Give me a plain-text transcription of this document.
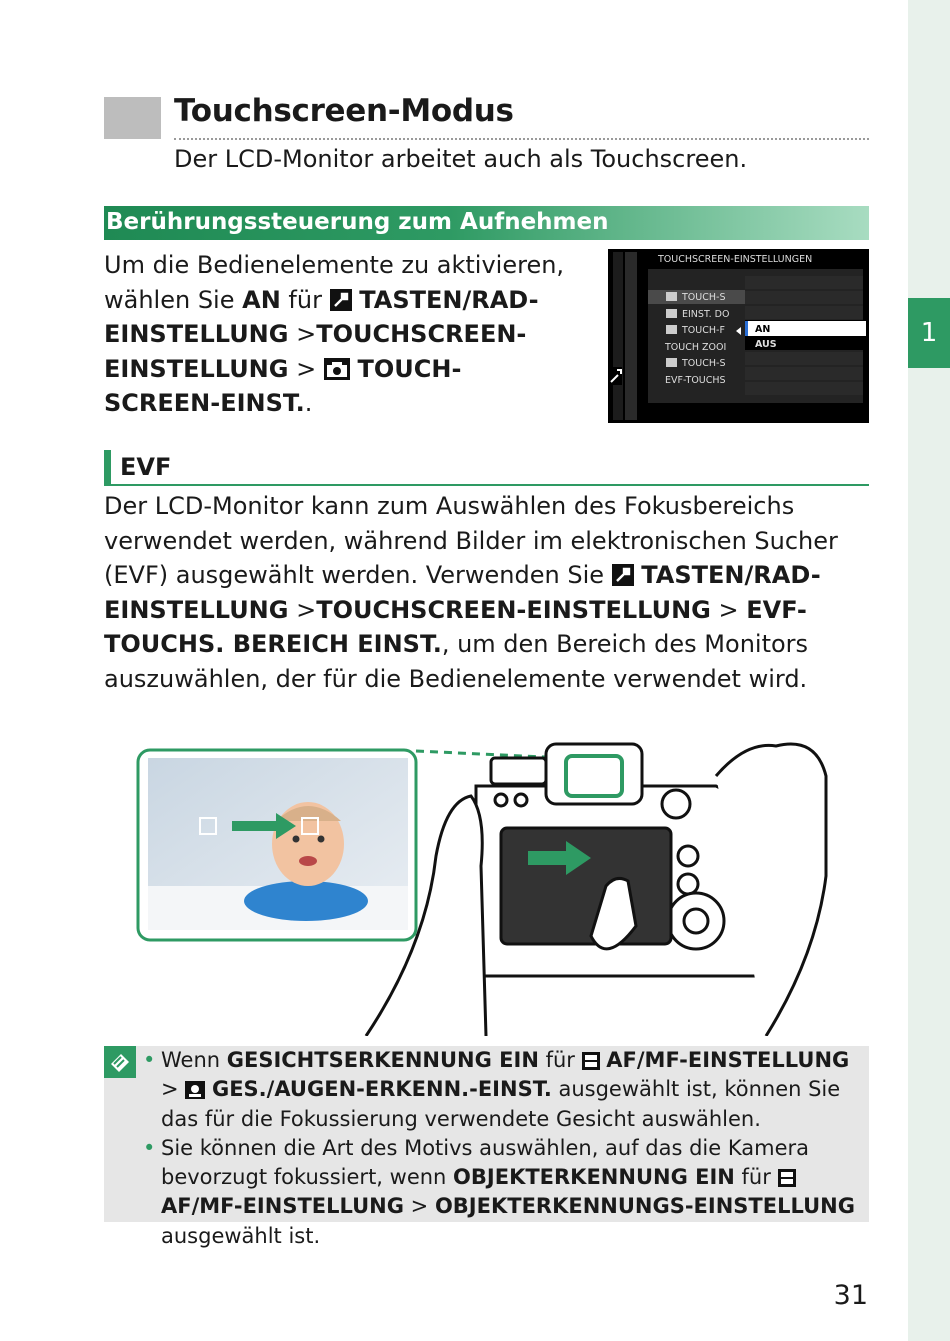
1
Touchscreen-Modus
Der LCD-Monitor arbeitet auch als Touchscreen.
Berührungssteuerung zum Aufnehmen
Um die Bedienelemente zu aktivieren, wählen Sie AN für  TASTEN/RAD-EINSTELLUNG >TOUCHSCREEN-EINSTELLUNG >  TOUCH-SCREEN-EINST..
TOUCHSCREEN-EINSTELLUNGEN
TOUCH-S
EINST. DO
TOUCH-F
TOUCH ZOOI
TOUCH-S
EVF-TOUCHS
AN
AUS
EVF
Der LCD-Monitor kann zum Auswählen des Fokusbereichs verwendet werden, während Bilder im elektronischen Sucher (EVF) ausgewählt werden. Verwenden Sie  TASTEN/RAD-EINSTELLUNG >TOUCHSCREEN-EINSTELLUNG > EVF-TOUCHS. BEREICH EINST., um den Bereich des Monitors auszuwählen, der für die Bedienelemente verwendet wird.
• Wenn GESICHTSERKENNUNG EIN für  AF/MF-EINSTELLUNG >  GES./AUGEN-ERKENN.-EINST. ausgewählt ist, können Sie das für die Fokussierung verwendete Gesicht auswählen.
• Sie können die Art des Motivs auswählen, auf das die Kamera bevorzugt fokussiert, wenn OBJEKTERKENNUNG EIN für  AF/MF-EINSTELLUNG > OBJEKTERKENNUNGS-EINSTELLUNG ausgewählt ist.
31
